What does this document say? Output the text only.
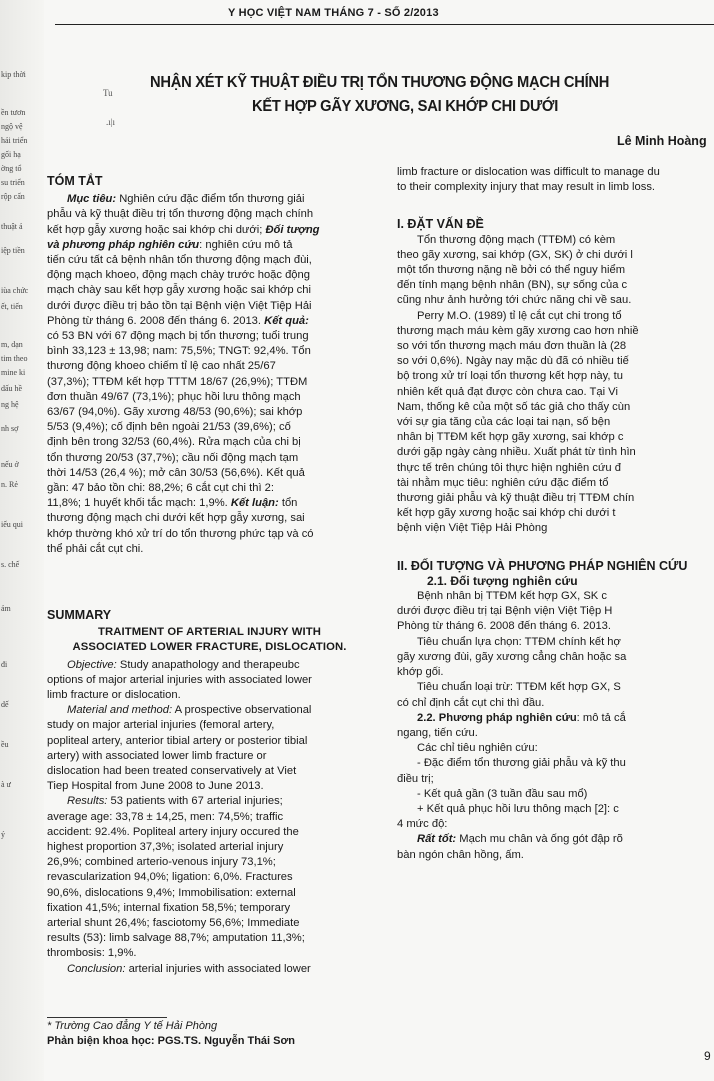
kip thời
ền tươn
ngộ vệ
hải triển
gối hạ
ờng tổ
su triển
rộp cấn
thuật ả
iệp tiền
iùa chức
ết, tiến
m, dạn
tim theo
mine ki
dấu hề
ng hệ
nh sợ
nếu ở
n. Rẻ
iếu qui
s. chế
ảm
đi
dế
ều
à ư
ý
Y HỌC VIỆT NAM THÁNG 7 - SỐ 2/2013
Tu
.ı|ı
NHẬN XÉT KỸ THUẬT ĐIỀU TRỊ TỔN THƯƠNG ĐỘNG MẠCH CHÍNH
KẾT HỢP GÃY XƯƠNG, SAI KHỚP CHI DƯỚI
Lê Minh Hoàng

TÓM TẮT

Mục tiêu: Nghiên cứu đặc điểm tổn thương giải

phẫu và kỹ thuật điều trị tổn thương động mạch chính

kết hợp gẫy xương hoặc sai khớp chi dưới; Đối tượng

và phương pháp nghiên cứu: nghiên cứu mô tả

tiến cứu tất cả bệnh nhân tổn thương động mạch đùi,

động mạch khoeo, động mạch chày trước hoặc động

mạch chày sau kết hợp gẫy xương hoặc sai khớp chi

dưới được điều trị bảo tồn tại Bệnh viện Việt Tiệp Hải

Phòng từ tháng 6. 2008 đến tháng 6. 2013. Kết quả:

có 53 BN với 67 động mạch bị tổn thương; tuổi trung

bình 33,123 ± 13,98; nam: 75,5%; TNGT: 92,4%. Tổn

thương động khoeo chiếm tỉ lệ cao nhất 25/67

(37,3%); TTĐM kết hợp TTTM 18/67 (26,9%); TTĐM

đơn thuần 49/67 (73,1%); phục hồi lưu thông mạch

63/67 (94,0%). Gãy xương 48/53 (90,6%); sai khớp

5/53 (9,4%); cố định bên ngoài 21/53 (39,6%); cố

định bên trong 32/53 (60,4%). Rửa mạch của chi bị

tổn thương 20/53 (37,7%); cầu nối động mạch tạm

thời 14/53 (26,4 %); mở cân 30/53 (56,6%). Kết quả

gần: 47 bảo tồn chi: 88,2%; 6 cắt cụt chi thì 2:

11,8%; 1 huyết khối tắc mạch: 1,9%. Kết luận: tổn

thương động mạch chi dưới kết hợp gẫy xương, sai

khớp thường khó xử trí do tổn thương phức tạp và có

thể phải cắt cụt chi.

SUMMARY

TRAITMENT OF ARTERIAL INJURY WITH

ASSOCIATED LOWER FRACTURE, DISLOCATION.

Objective: Study anapathology and therapeubc

options of major arterial injuries with associated lower

limb fracture or dislocation.

Material and method: A prospective observational

study on major arterial injuries (femoral artery,

popliteal artery, anterior tibial artery or posterior tibial

artery) with associated lower limb fracture or

dislocation had been treated conservatively at Viet

Tiep Hospital from June 2008 to June 2013.

Results: 53 patients with 67 arterial injuries;

average age: 33,78 ± 14,25, men: 74,5%; traffic

accident: 92.4%. Popliteal artery injury occured the

highest proportion 37,3%; isolated arterial injury

26,9%; combined arterio-venous injury 73,1%;

revascularization 94,0%; ligation: 6,0%. Fractures

90,6%, dislocations 9,4%; Immobilisation: external

fixation 41,5%; internal fixation 58,5%; temporary

arterial shunt 26,4%; fasciotomy 56,6%; Immediate

results (53): limb salvage 88,7%; amputation 11,3%;

thrombosis: 1,9%.

Conclusion: arterial injuries with associated lower

limb fracture or dislocation was difficult to manage du

to their complexity injury that may result in limb loss.

I. ĐẶT VẤN ĐỀ

Tổn thương động mạch (TTĐM) có kèm

theo gãy xương, sai khớp (GX, SK) ở chi dưới l

một tổn thương nặng nề bởi có thể nguy hiểm

đến tính mạng bệnh nhân (BN), sự sống của c

cũng như ảnh hưởng tới chức năng chi về sau.

Perry M.O. (1989) tỉ lệ cắt cụt chi trong tổ

thương mạch máu kèm gãy xương cao hơn nhiề

so với tổn thương mạch máu đơn thuần là (28

so với 0,6%). Ngày nay mặc dù đã có nhiều tiế

bộ trong xử trí loại tổn thương kết hợp này, tu

nhiên kết quả đạt được còn chưa cao. Tại Vi

Nam, thống kê của một số tác giả cho thấy cùn

với sự gia tăng của các loại tai nạn, số bện

nhân bị TTĐM kết hợp gãy xương, sai khớp c

dưới gặp ngày càng nhiều. Xuất phát từ tình hìn

thực tế trên chúng tôi thực hiện nghiên cứu đ

tài nhằm mục tiêu: nghiên cứu đặc điểm tổ

thương giải phẫu và kỹ thuật điều trị TTĐM chín

kết hợp gãy xương hoặc sai khớp chi dưới t

bệnh viện Việt Tiệp Hải Phòng

II. ĐỐI TƯỢNG VÀ PHƯƠNG PHÁP NGHIÊN CỨU

2.1. Đối tượng nghiên cứu

Bệnh nhân bị TTĐM kết hợp GX, SK c

dưới được điều trị tại Bệnh viện Việt Tiệp H

Phòng từ tháng 6. 2008 đến tháng 6. 2013.

Tiêu chuẩn lựa chọn: TTĐM chính kết hợ

gãy xương đùi, gãy xương cẳng chân hoặc sa

khớp gối.

Tiêu chuẩn loại trừ: TTĐM kết hợp GX, S

có chỉ định cắt cụt chi thì đầu.

2.2. Phương pháp nghiên cứu: mô tả cắ

ngang, tiến cứu.

Các chỉ tiêu nghiên cứu:

- Đặc điểm tổn thương giải phẫu và kỹ thu

điều trị;

- Kết quả gần (3 tuần đầu sau mổ)

+ Kết quả phục hồi lưu thông mạch [2]: c

4 mức độ:

Rất tốt: Mạch mu chân và ống gót đập rõ

bàn ngón chân hồng, ấm.

* Trường Cao đẳng Y tế Hải Phòng
Phản biện khoa học: PGS.TS. Nguyễn Thái Sơn
9
